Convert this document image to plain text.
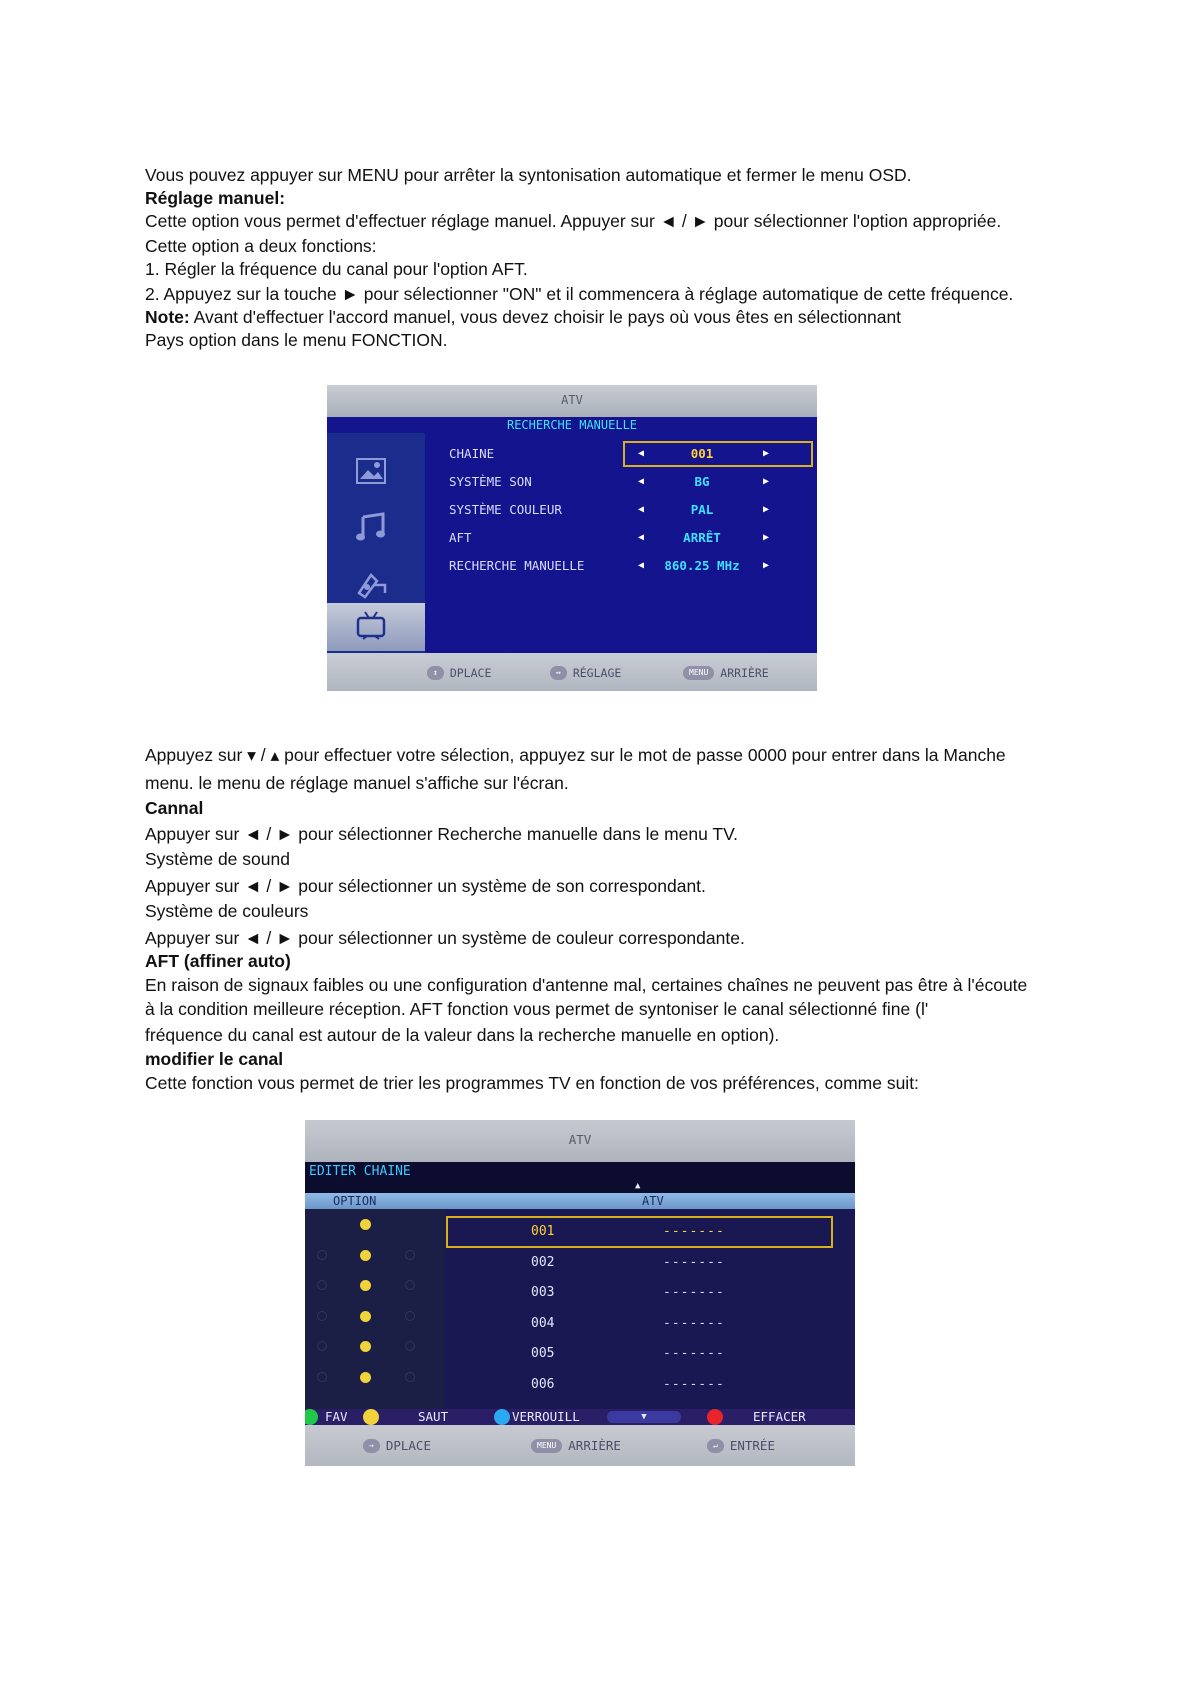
Vous pouvez appuyer sur MENU pour arrêter la syntonisation automatique et fermer le menu OSD.
Réglage manuel:
Cette option vous permet d'effectuer réglage manuel. Appuyer sur ◄ / ► pour sélectionner l'option appropriée.
Cette option a deux fonctions:
1. Régler la fréquence du canal pour l'option AFT.
2. Appuyez sur la touche ► pour sélectionner "ON" et il commencera à réglage automatique de cette fréquence.
Note: Avant d'effectuer l'accord manuel, vous devez choisir le pays où vous êtes en sélectionnant
Pays option dans le menu FONCTION.
ATV
RECHERCHE MANUELLE
CHAINE	◀	001	▶
SYSTÈME SON	◀	BG	▶
SYSTÈME COULEUR	◀	PAL	▶
AFT	◀	ARRÊT	▶
RECHERCHE MANUELLE	◀	860.25 MHz	▶
↕	DPLACE	↔	RÉGLAGE	MENU	ARRIÈRE
Appuyez sur ▾ / ▴ pour effectuer votre sélection, appuyez sur le mot de passe 0000 pour entrer dans la Manche
menu. le menu de réglage manuel s'affiche sur l'écran.
Cannal
Appuyer sur ◄ / ► pour sélectionner Recherche manuelle dans le menu TV.
Système de sound
Appuyer sur ◄ / ► pour sélectionner un système de son correspondant.
Système de couleurs
Appuyer sur ◄ / ► pour sélectionner un système de couleur correspondante.
AFT (affiner auto)
En raison de signaux faibles ou une configuration d'antenne mal, certaines chaînes ne peuvent pas être à l'écoute
à la condition meilleure réception. AFT fonction vous permet de syntoniser le canal sélectionné fine (l'
fréquence du canal est autour de la valeur dans la recherche manuelle en option).
modifier le canal
Cette fonction vous permet de trier les programmes TV en fonction de vos préférences, comme suit:
ATV
EDITER CHAINE
▲
OPTION	ATV
001	-------
002	-------
003	-------
004	-------
005	-------
006	-------
FAV	SAUT	VERROUILL	▼	EFFACER
→ DPLACE	MENU ARRIÈRE	↵ ENTRÉE
